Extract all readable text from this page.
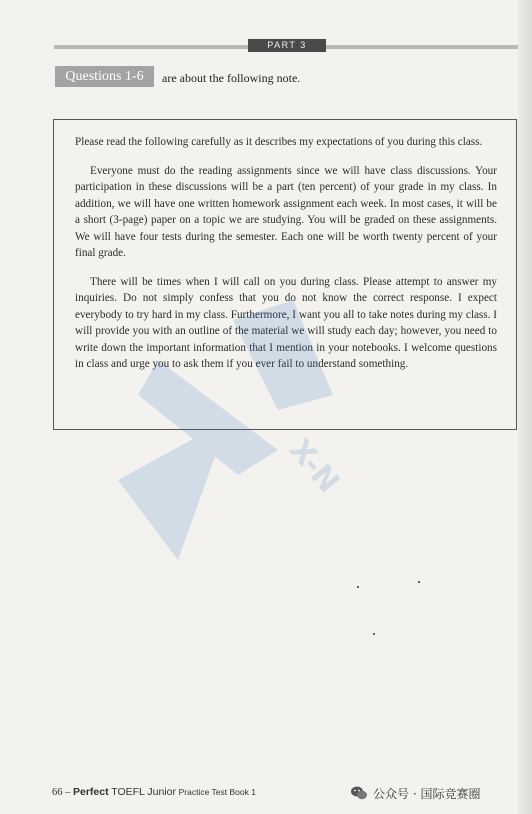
PART 3
Questions 1-6	are about the following note.

Please read the following carefully as it describes my expectations of you during this class.

Everyone must do the reading assignments since we will have class discussions. Your participation in these discussions will be a part (ten percent) of your grade in my class. In addition, we will have one written homework assignment each week. In most cases, it will be a short (3-page) paper on a topic we are studying. You will be graded on these assignments. We will have four tests during the semester. Each one will be worth twenty percent of your final grade.

There will be times when I will call on you during class. Please attempt to answer my inquiries. Do not simply confess that you do not know the correct response. I expect everybody to try hard in my class. Furthermore, I want you all to take notes during my class. I will provide you with an outline of the material we will study each day; however, you need to write down the important information that I mention in your notebooks. I welcome questions in class and urge you to ask them if you ever fail to understand something.

X-N
66 – Perfect TOEFL Junior Practice Test Book 1	公众号 · 国际竞赛圈
